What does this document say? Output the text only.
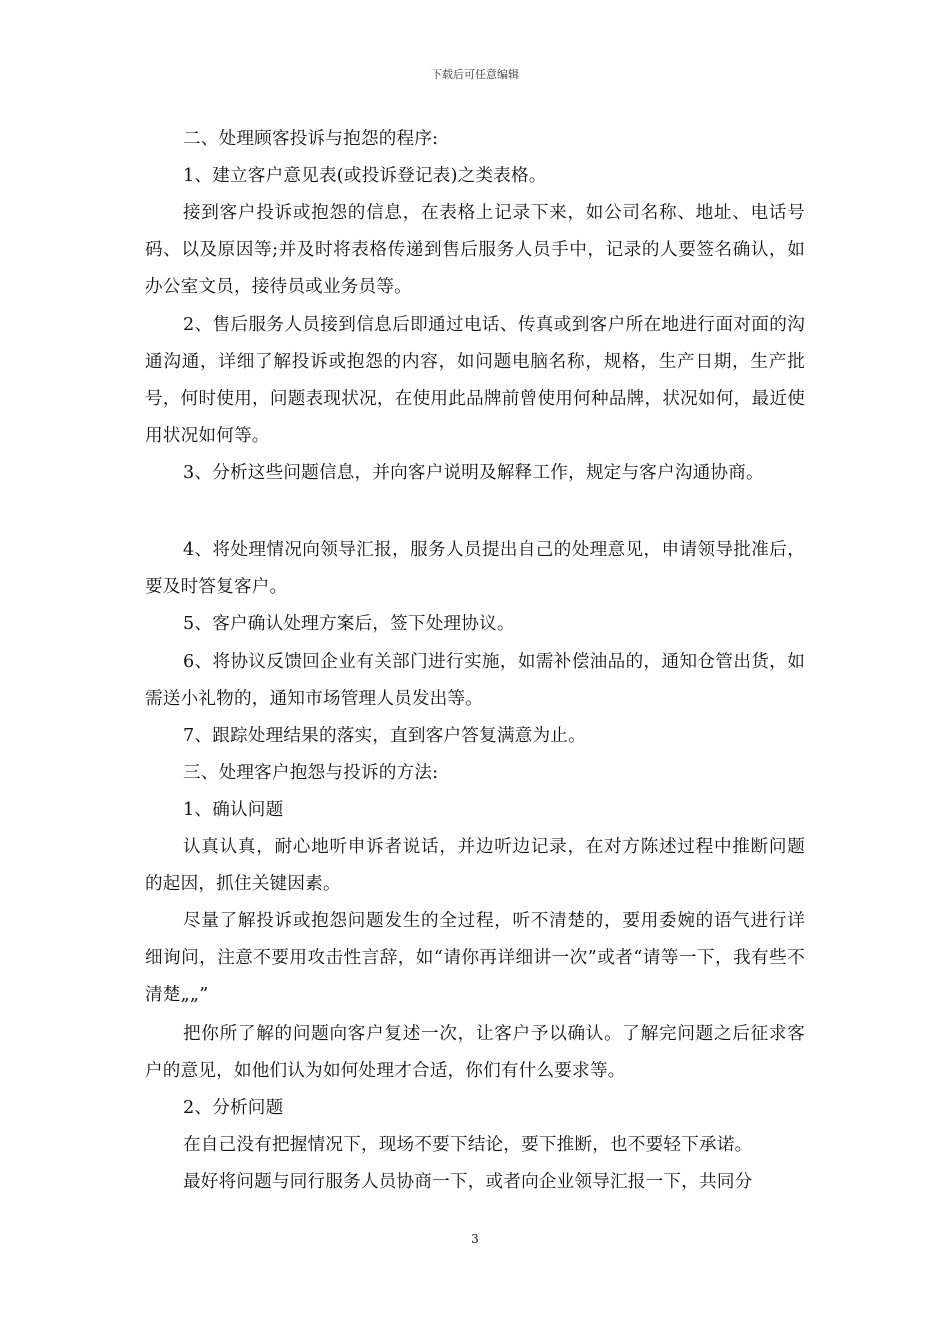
下载后可任意编辑

二、处理顾客投诉与抱怨的程序:

1、建立客户意见表(或投诉登记表)之类表格。

接到客户投诉或抱怨的信息，在表格上记录下来，如公司名称、地址、电话号码、以及原因等;并及时将表格传递到售后服务人员手中，记录的人要签名确认，如办公室文员，接待员或业务员等。

2、售后服务人员接到信息后即通过电话、传真或到客户所在地进行面对面的沟通沟通，详细了解投诉或抱怨的内容，如问题电脑名称，规格，生产日期，生产批号，何时使用，问题表现状况，在使用此品牌前曾使用何种品牌，状况如何，最近使用状况如何等。

3、分析这些问题信息，并向客户说明及解释工作，规定与客户沟通协商。

4、将处理情况向领导汇报，服务人员提出自己的处理意见，申请领导批准后，要及时答复客户。

5、客户确认处理方案后，签下处理协议。

6、将协议反馈回企业有关部门进行实施，如需补偿油品的，通知仓管出货，如需送小礼物的，通知市场管理人员发出等。

7、跟踪处理结果的落实，直到客户答复满意为止。

三、处理客户抱怨与投诉的方法:

1、确认问题

认真认真，耐心地听申诉者说话，并边听边记录，在对方陈述过程中推断问题的起因，抓住关键因素。

尽量了解投诉或抱怨问题发生的全过程，听不清楚的，要用委婉的语气进行详细询问，注意不要用攻击性言辞，如“请你再详细讲一次”或者“请等一下，我有些不清楚„„”

把你所了解的问题向客户复述一次，让客户予以确认。了解完问题之后征求客户的意见，如他们认为如何处理才合适，你们有什么要求等。

2、分析问题

在自己没有把握情况下，现场不要下结论，要下推断，也不要轻下承诺。

最好将问题与同行服务人员协商一下，或者向企业领导汇报一下，共同分

3
